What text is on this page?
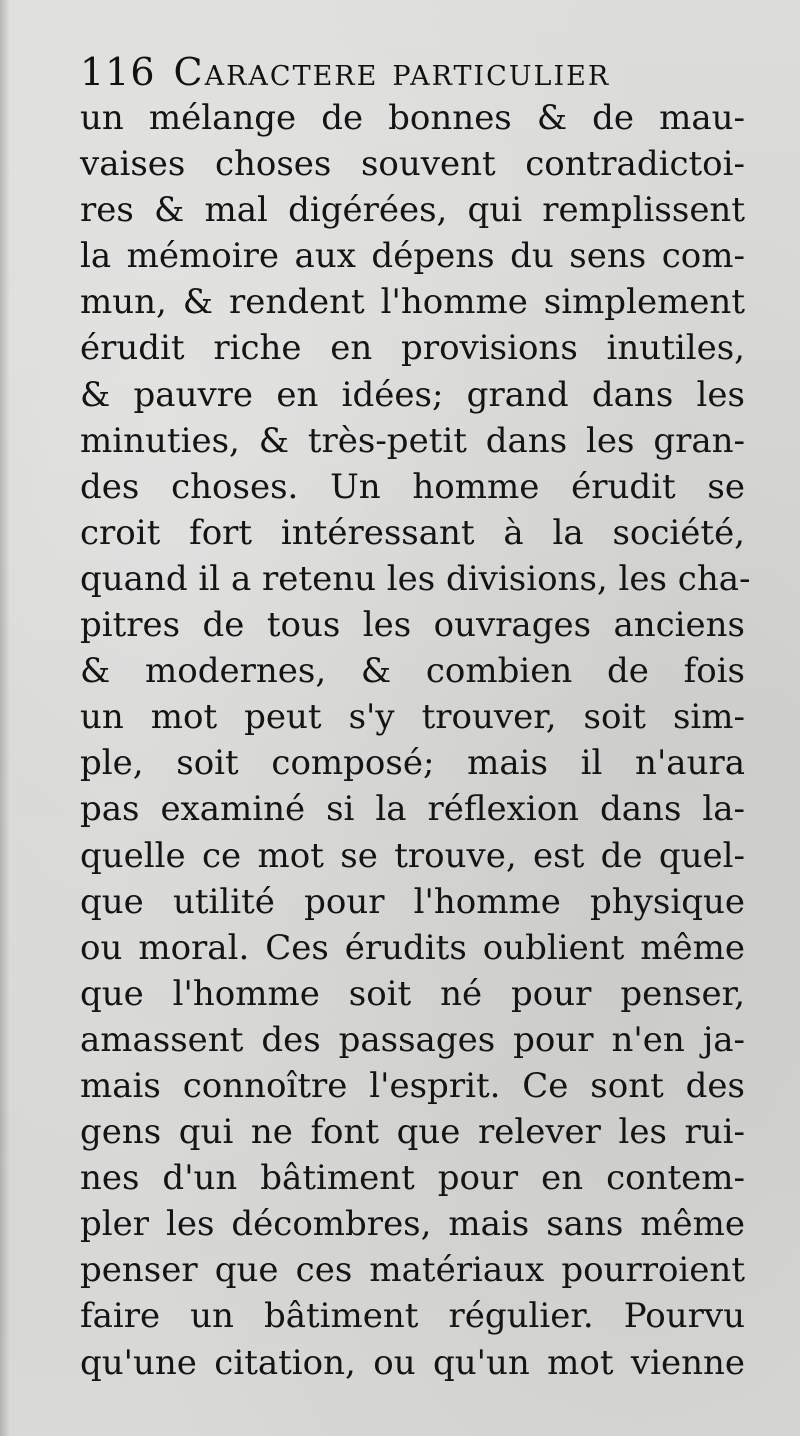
116 Caractere particulier
un mélange de bonnes & de mau-
vaises choses souvent contradictoi-
res & mal digérées, qui remplissent
la mémoire aux dépens du sens com-
mun, & rendent l'homme simplement
érudit riche en provisions inutiles,
& pauvre en idées; grand dans les
minuties, & très-petit dans les gran-
des choses. Un homme érudit se
croit fort intéressant à la société,
quand il a retenu les divisions, les cha-
pitres de tous les ouvrages anciens
& modernes, & combien de fois
un mot peut s'y trouver, soit sim-
ple, soit composé; mais il n'aura
pas examiné si la réflexion dans la-
quelle ce mot se trouve, est de quel-
que utilité pour l'homme physique
ou moral. Ces érudits oublient même
que l'homme soit né pour penser,
amassent des passages pour n'en ja-
mais connoître l'esprit. Ce sont des
gens qui ne font que relever les rui-
nes d'un bâtiment pour en contem-
pler les décombres, mais sans même
penser que ces matériaux pourroient
faire un bâtiment régulier. Pourvu
qu'une citation, ou qu'un mot vienne
